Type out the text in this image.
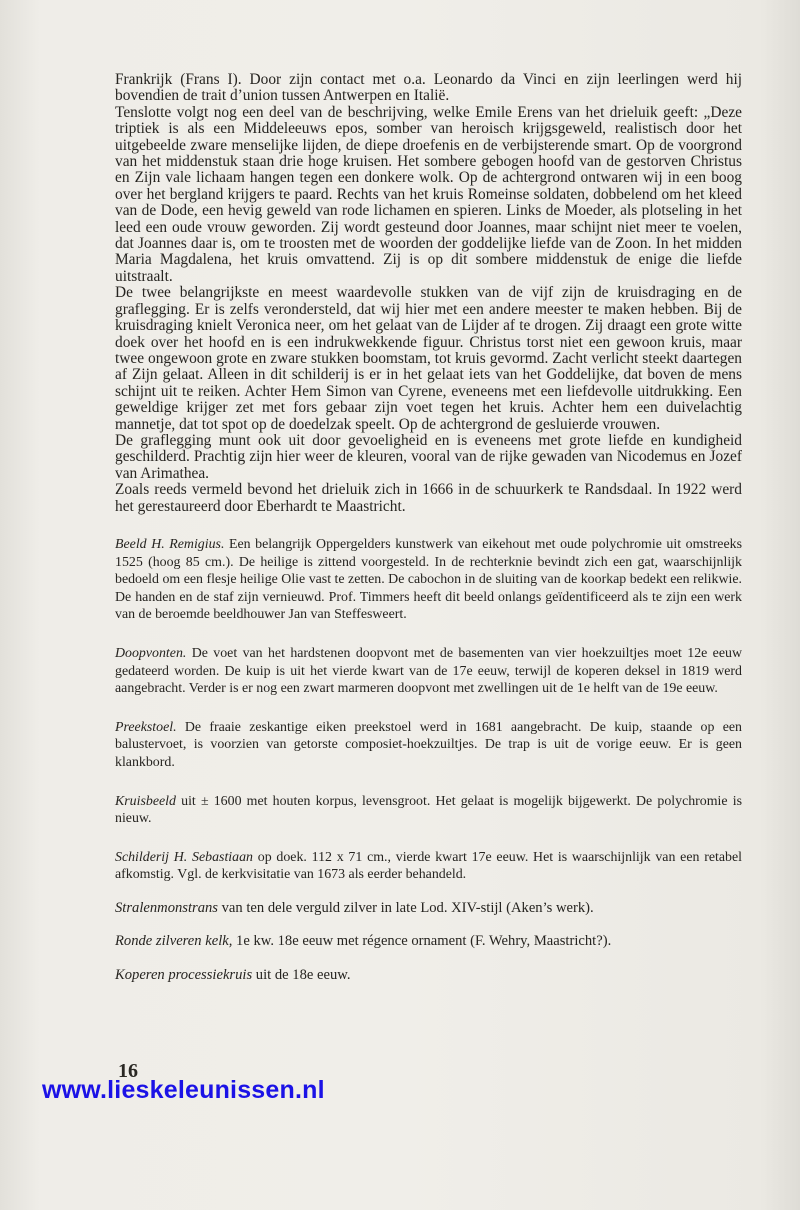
Frankrijk (Frans I). Door zijn contact met o.a. Leonardo da Vinci en zijn leerlingen werd hij bovendien de trait d’union tussen Antwerpen en Italië.

Tenslotte volgt nog een deel van de beschrijving, welke Emile Erens van het drieluik geeft: „Deze triptiek is als een Middeleeuws epos, somber van heroisch krijgsgeweld, realistisch door het uitgebeelde zware menselijke lijden, de diepe droefenis en de verbijsterende smart. Op de voorgrond van het middenstuk staan drie hoge kruisen. Het sombere gebogen hoofd van de gestorven Christus en Zijn vale lichaam hangen tegen een donkere wolk. Op de achtergrond ontwaren wij in een boog over het bergland krijgers te paard. Rechts van het kruis Romeinse soldaten, dobbelend om het kleed van de Dode, een hevig geweld van rode lichamen en spieren. Links de Moeder, als plotseling in het leed een oude vrouw geworden. Zij wordt gesteund door Joannes, maar schijnt niet meer te voelen, dat Joannes daar is, om te troosten met de woorden der goddelijke liefde van de Zoon. In het midden Maria Magdalena, het kruis omvattend. Zij is op dit sombere middenstuk de enige die liefde uitstraalt.

De twee belangrijkste en meest waardevolle stukken van de vijf zijn de kruisdraging en de graflegging. Er is zelfs verondersteld, dat wij hier met een andere meester te maken hebben. Bij de kruisdraging knielt Veronica neer, om het gelaat van de Lijder af te drogen. Zij draagt een grote witte doek over het hoofd en is een indrukwekkende figuur. Christus torst niet een gewoon kruis, maar twee ongewoon grote en zware stukken boomstam, tot kruis gevormd. Zacht verlicht steekt daartegen af Zijn gelaat. Alleen in dit schilderij is er in het gelaat iets van het Goddelijke, dat boven de mens schijnt uit te reiken. Achter Hem Simon van Cyrene, eveneens met een liefdevolle uitdrukking. Een geweldige krijger zet met fors gebaar zijn voet tegen het kruis. Achter hem een duivelachtig mannetje, dat tot spot op de doedelzak speelt. Op de achtergrond de gesluierde vrouwen.

De graflegging munt ook uit door gevoeligheid en is eveneens met grote liefde en kundigheid geschilderd. Prachtig zijn hier weer de kleuren, vooral van de rijke gewaden van Nicodemus en Jozef van Arimathea.

Zoals reeds vermeld bevond het drieluik zich in 1666 in de schuurkerk te Randsdaal. In 1922 werd het gerestaureerd door Eberhardt te Maastricht.

Beeld H. Remigius. Een belangrijk Oppergelders kunstwerk van eikehout met oude polychromie uit omstreeks 1525 (hoog 85 cm.). De heilige is zittend voorgesteld. In de rechterknie bevindt zich een gat, waarschijnlijk bedoeld om een flesje heilige Olie vast te zetten. De cabochon in de sluiting van de koorkap bedekt een relikwie. De handen en de staf zijn vernieuwd. Prof. Timmers heeft dit beeld onlangs geïdentificeerd als te zijn een werk van de beroemde beeldhouwer Jan van Steffesweert.

Doopvonten. De voet van het hardstenen doopvont met de basementen van vier hoekzuiltjes moet 12e eeuw gedateerd worden. De kuip is uit het vierde kwart van de 17e eeuw, terwijl de koperen deksel in 1819 werd aangebracht. Verder is er nog een zwart marmeren doopvont met zwellingen uit de 1e helft van de 19e eeuw.

Preekstoel. De fraaie zeskantige eiken preekstoel werd in 1681 aangebracht. De kuip, staande op een balustervoet, is voorzien van getorste composiet-hoekzuiltjes. De trap is uit de vorige eeuw. Er is geen klankbord.

Kruisbeeld uit ± 1600 met houten korpus, levensgroot. Het gelaat is mogelijk bijgewerkt. De polychromie is nieuw.

Schilderij H. Sebastiaan op doek. 112 x 71 cm., vierde kwart 17e eeuw. Het is waarschijnlijk van een retabel afkomstig. Vgl. de kerkvisitatie van 1673 als eerder behandeld.

Stralenmonstrans van ten dele verguld zilver in late Lod. XIV-stijl (Aken’s werk).

Ronde zilveren kelk, 1e kw. 18e eeuw met régence ornament (F. Wehry, Maastricht?).

Koperen processiekruis uit de 18e eeuw.

16
www.lieskeleunissen.nl
